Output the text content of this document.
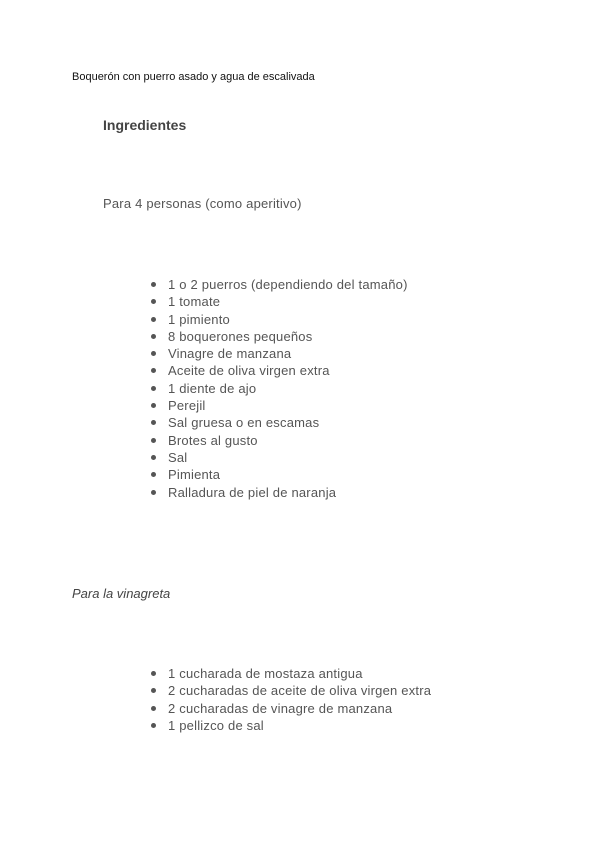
Boquerón con puerro asado y agua de escalivada
Ingredientes
Para 4 personas (como aperitivo)
1 o 2 puerros (dependiendo del tamaño)
1 tomate
1 pimiento
8 boquerones pequeños
Vinagre de manzana
Aceite de oliva virgen extra
1 diente de ajo
Perejil
Sal gruesa o en escamas
Brotes al gusto
Sal
Pimienta
Ralladura de piel de naranja
Para la vinagreta
1 cucharada de mostaza antigua
2 cucharadas de aceite de oliva virgen extra
2 cucharadas de vinagre de manzana
1 pellizco de sal
